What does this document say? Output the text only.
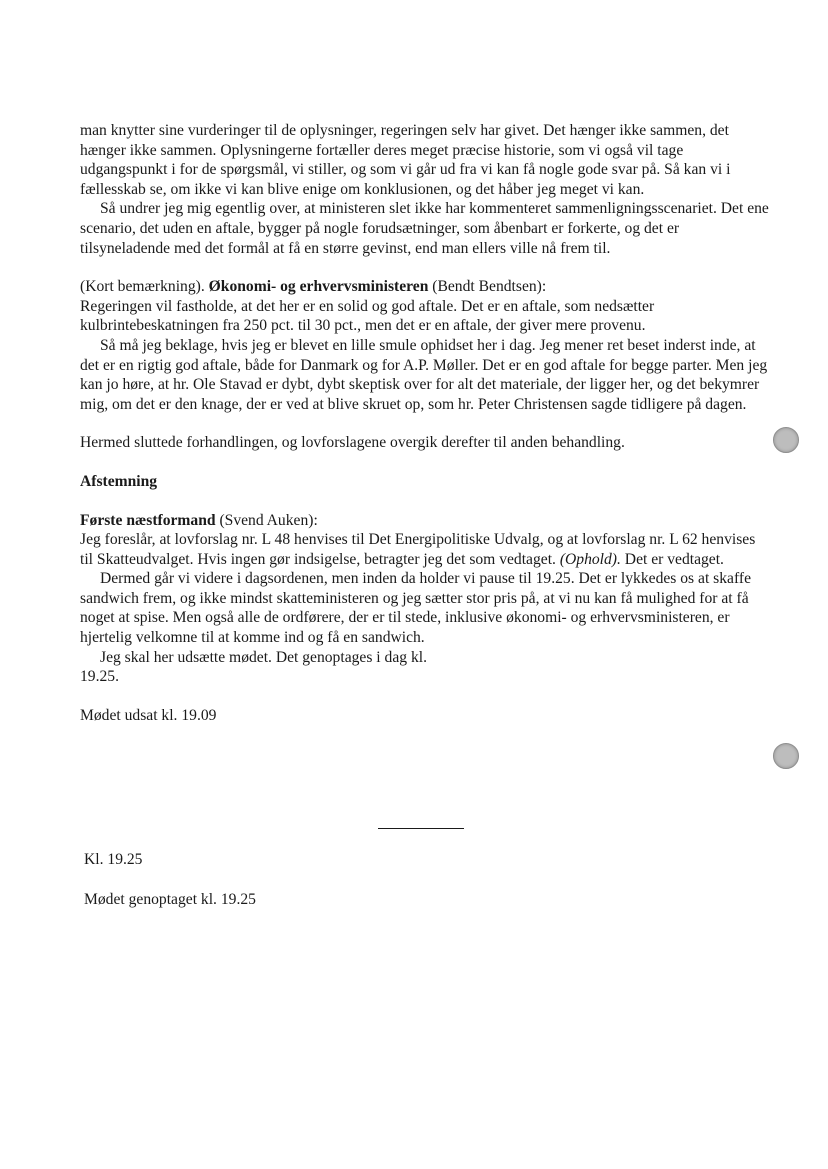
man knytter sine vurderinger til de oplysninger, regeringen selv har givet. Det hænger ikke sammen, det hænger ikke sammen. Oplysningerne fortæller deres meget præcise historie, som vi også vil tage udgangspunkt i for de spørgsmål, vi stiller, og som vi går ud fra vi kan få nogle gode svar på. Så kan vi i fællesskab se, om ikke vi kan blive enige om konklusionen, og det håber jeg meget vi kan.

Så undrer jeg mig egentlig over, at ministeren slet ikke har kommenteret sammenligningsscenariet. Det ene scenario, det uden en aftale, bygger på nogle forudsætninger, som åbenbart er forkerte, og det er tilsyneladende med det formål at få en større gevinst, end man ellers ville nå frem til.

(Kort bemærkning). Økonomi- og erhvervsministeren (Bendt Bendtsen):

Regeringen vil fastholde, at det her er en solid og god aftale. Det er en aftale, som nedsætter kulbrintebeskatningen fra 250 pct. til 30 pct., men det er en aftale, der giver mere provenu.

Så må jeg beklage, hvis jeg er blevet en lille smule ophidset her i dag. Jeg mener ret beset inderst inde, at det er en rigtig god aftale, både for Danmark og for A.P. Møller. Det er en god aftale for begge parter. Men jeg kan jo høre, at hr. Ole Stavad er dybt, dybt skeptisk over for alt det materiale, der ligger her, og det bekymrer mig, om det er den knage, der er ved at blive skruet op, som hr. Peter Christensen sagde tidligere på dagen.

Hermed sluttede forhandlingen, og lovforslagene overgik derefter til anden behandling.

Afstemning

Første næstformand (Svend Auken):

Jeg foreslår, at lovforslag nr. L 48 henvises til Det Energipolitiske Udvalg, og at lovforslag nr. L 62 henvises til Skatteudvalget. Hvis ingen gør indsigelse, betragter jeg det som vedtaget. (Ophold). Det er vedtaget.

Dermed går vi videre i dagsordenen, men inden da holder vi pause til 19.25. Det er lykkedes os at skaffe sandwich frem, og ikke mindst skatteministeren og jeg sætter stor pris på, at vi nu kan få mulighed for at få noget at spise. Men også alle de ordførere, der er til stede, inklusive økonomi- og erhvervsministeren, er hjertelig velkomne til at komme ind og få en sandwich.

Jeg skal her udsætte mødet. Det genoptages i dag kl.

19.25.

Mødet udsat kl. 19.09

Kl. 19.25
Mødet genoptaget kl. 19.25
